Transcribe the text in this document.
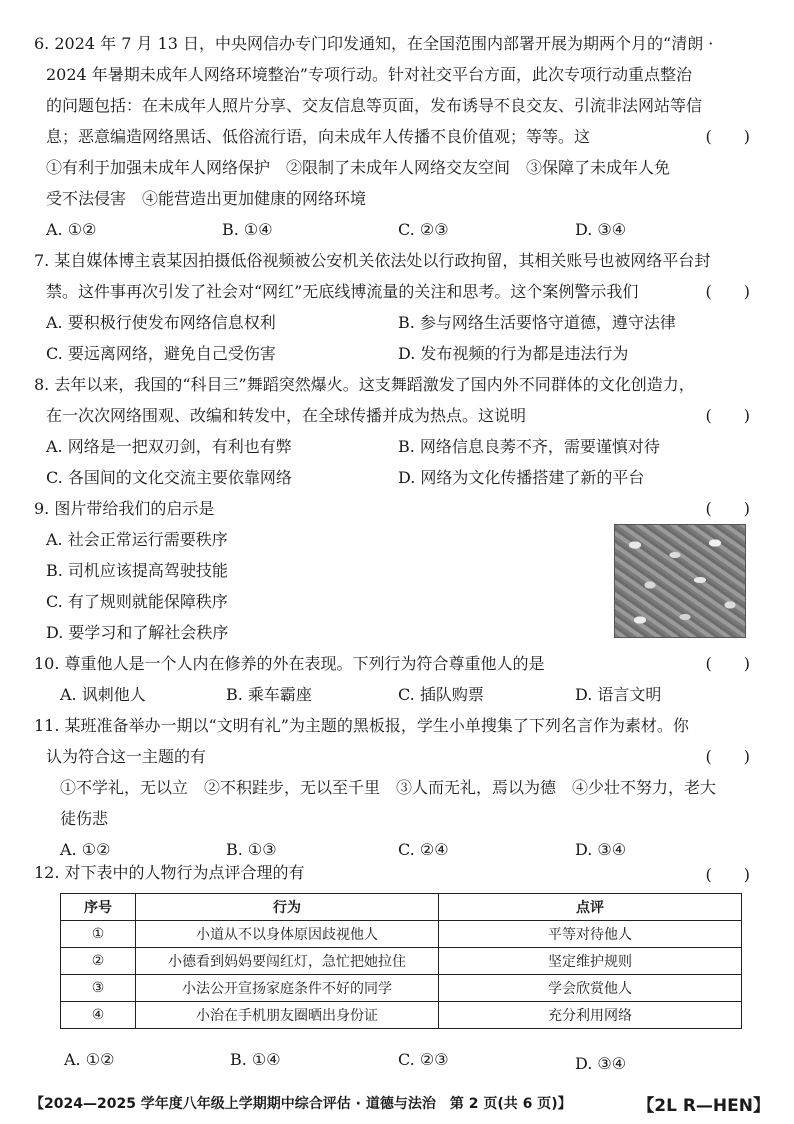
6. 2024 年 7 月 13 日，中央网信办专门印发通知，在全国范围内部署开展为期两个月的“清朗 ·
2024 年暑期未成年人网络环境整治”专项行动。针对社交平台方面，此次专项行动重点整治
的问题包括：在未成年人照片分享、交友信息等页面，发布诱导不良交友、引流非法网站等信
息；恶意编造网络黑话、低俗流行语，向未成年人传播不良价值观；等等。这	(　　)
①有利于加强未成年人网络保护　②限制了未成年人网络交友空间　③保障了未成年人免
受不法侵害　④能营造出更加健康的网络环境
A. ①②	B. ①④	C. ②③	D. ③④
7. 某自媒体博主袁某因拍摄低俗视频被公安机关依法处以行政拘留，其相关账号也被网络平台封
禁。这件事再次引发了社会对“网红”无底线博流量的关注和思考。这个案例警示我们	(　　)
A. 要积极行使发布网络信息权利	B. 参与网络生活要恪守道德，遵守法律
C. 要远离网络，避免自己受伤害	D. 发布视频的行为都是违法行为
8. 去年以来，我国的“科目三”舞蹈突然爆火。这支舞蹈激发了国内外不同群体的文化创造力，
在一次次网络围观、改编和转发中，在全球传播并成为热点。这说明	(　　)
A. 网络是一把双刃剑，有利也有弊	B. 网络信息良莠不齐，需要谨慎对待
C. 各国间的文化交流主要依靠网络	D. 网络为文化传播搭建了新的平台
9. 图片带给我们的启示是	(　　)
A. 社会正常运行需要秩序
B. 司机应该提高驾驶技能
C. 有了规则就能保障秩序
D. 要学习和了解社会秩序
10. 尊重他人是一个人内在修养的外在表现。下列行为符合尊重他人的是	(　　)
A. 讽刺他人	B. 乘车霸座	C. 插队购票	D. 语言文明
11. 某班准备举办一期以“文明有礼”为主题的黑板报，学生小单搜集了下列名言作为素材。你
认为符合这一主题的有	(　　)
①不学礼，无以立　②不积跬步，无以至千里　③人而无礼，焉以为德　④少壮不努力，老大
徒伤悲
A. ①②	B. ①③	C. ②④	D. ③④
12. 对下表中的人物行为点评合理的有	(　　)
序号	行为	点评
①	小道从不以身体原因歧视他人	平等对待他人
②	小德看到妈妈要闯红灯，急忙把她拉住	坚定维护规则
③	小法公开宣扬家庭条件不好的同学	学会欣赏他人
④	小治在手机朋友圈晒出身份证	充分利用网络
A. ①②	B. ①④	C. ②③	D. ③④
【2024—2025 学年度八年级上学期期中综合评估 · 道德与法治　第 2 页(共 6 页)】	【2L R—HEN】
